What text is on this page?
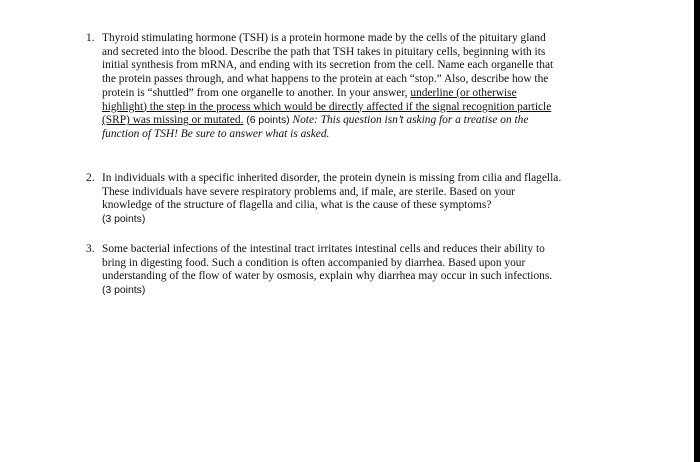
1. Thyroid stimulating hormone (TSH) is a protein hormone made by the cells of the pituitary gland and secreted into the blood. Describe the path that TSH takes in pituitary cells, beginning with its initial synthesis from mRNA, and ending with its secretion from the cell. Name each organelle that the protein passes through, and what happens to the protein at each “stop.” Also, describe how the protein is “shuttled” from one organelle to another. In your answer, underline (or otherwise highlight) the step in the process which would be directly affected if the signal recognition particle (SRP) was missing or mutated. (6 points) Note: This question isn’t asking for a treatise on the function of TSH! Be sure to answer what is asked.
2. In individuals with a specific inherited disorder, the protein dynein is missing from cilia and flagella. These individuals have severe respiratory problems and, if male, are sterile. Based on your knowledge of the structure of flagella and cilia, what is the cause of these symptoms?
(3 points)
3. Some bacterial infections of the intestinal tract irritates intestinal cells and reduces their ability to bring in digesting food. Such a condition is often accompanied by diarrhea. Based upon your understanding of the flow of water by osmosis, explain why diarrhea may occur in such infections. (3 points)
